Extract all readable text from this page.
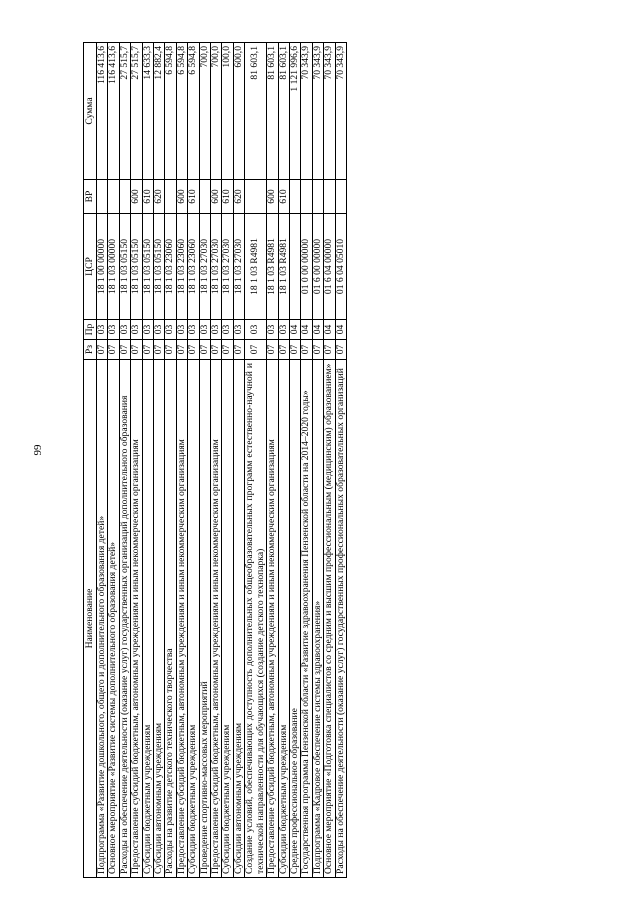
99
Наименование	Рз	Пр	ЦСР	ВР	Сумма
Подпрограмма «Развитие дошкольного, общего и дополнительного образования детей»	07	03	18 1 00 00000		116 413,6
Основное мероприятие «Развитие системы дополнительного образования детей»	07	03	18 1 03 00000		116 413,6
Расходы на обеспечение деятельности (оказание услуг) государственных организаций дополнительного образования	07	03	18 1 03 05150		27 515,7
Предоставление субсидий бюджетным, автономным учреждениям и иным некоммерческим организациям	07	03	18 1 03 05150	600	27 515,7
Субсидии бюджетным учреждениям	07	03	18 1 03 05150	610	14 633,3
Субсидии автономным учреждениям	07	03	18 1 03 05150	620	12 882,4
Расходы на развитие детского технического творчества	07	03	18 1 03 23060		6 594,8
Предоставление субсидий бюджетным, автономным учреждениям и иным некоммерческим организациям	07	03	18 1 03 23060	600	6 594,8
Субсидии бюджетным учреждениям	07	03	18 1 03 23060	610	6 594,8
Проведение спортивно-массовых мероприятий	07	03	18 1 03 27030		700,0
Предоставление субсидий бюджетным, автономным учреждениям и иным некоммерческим организациям	07	03	18 1 03 27030	600	700,0
Субсидии бюджетным учреждениям	07	03	18 1 03 27030	610	100,0
Субсидии автономным учреждениям	07	03	18 1 03 27030	620	600,0
Создание условий, обеспечивающих доступность дополнительных общеобразовательных программ естественно-научной и технической направленности для обучающихся (создание детского технопарка)	07	03	18 1 03 R4981		81 603,1
Предоставление субсидий бюджетным, автономным учреждениям и иным некоммерческим организациям	07	03	18 1 03 R4981	600	81 603,1
Субсидии бюджетным учреждениям	07	03	18 1 03 R4981	610	81 603,1
Среднее профессиональное образование	07	04			1 121 996,6
Государственная программа Пензенской области «Развитие здравоохранения Пензенской области на 2014–2020 годы»	07	04	01 0 00 00000		70 343,9
Подпрограмма «Кадровое обеспечение системы здравоохранения»	07	04	01 6 00 00000		70 343,9
Основное мероприятие «Подготовка специалистов со средним и высшим профессиональным (медицинским) образованием»	07	04	01 6 04 00000		70 343,9
Расходы на обеспечение деятельности (оказание услуг) государственных профессиональных образовательных организаций	07	04	01 6 04 05010		70 343,9
